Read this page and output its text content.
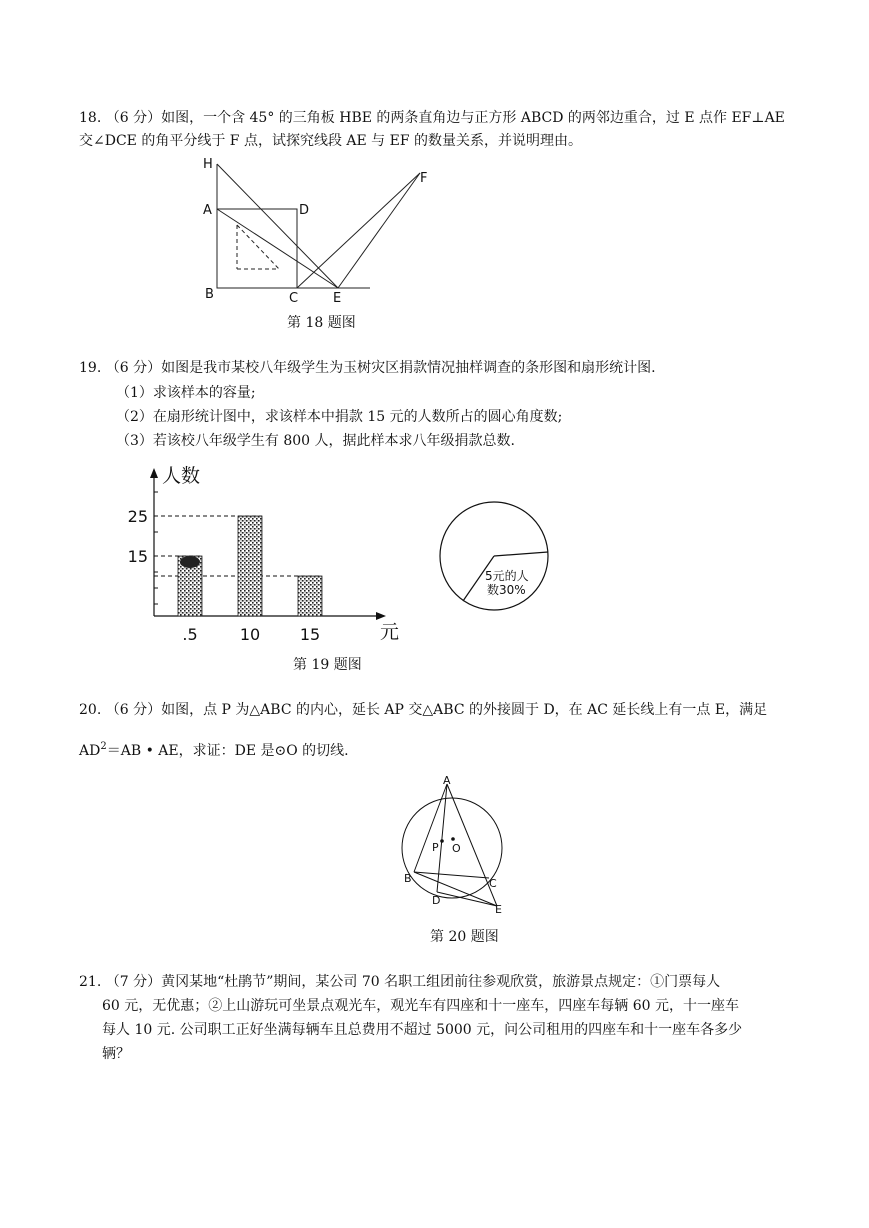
18. （6 分）如图，一个含 45° 的三角板 HBE 的两条直角边与正方形 ABCD 的两邻边重合，过 E 点作 EF⊥AE
交∠DCE 的角平分线于 F 点，试探究线段 AE 与 EF 的数量关系，并说明理由。
H
A	D
B	C	E
F
第 18 题图
19. （6 分）如图是我市某校八年级学生为玉树灾区捐款情况抽样调查的条形图和扇形统计图.
（1）求该样本的容量;
（2）在扇形统计图中，求该样本中捐款 15 元的人数所占的圆心角度数;
（3）若该校八年级学生有 800 人，据此样本求八年级捐款总数.
.5	10 15
15
25
人数
元
5元的人
数30%
第 19 题图
20. （6 分）如图，点 P 为△ABC 的内心，延长 AP 交△ABC 的外接圆于 D，在 AC 延长线上有一点 E，满足
$AD^2=AB$ • AE，求证：DE 是⊙O 的切线.
A
P O
B	C
D
E
第 20 题图
21. （7 分）黄冈某地“杜鹃节”期间，某公司 70 名职工组团前往参观欣赏，旅游景点规定：①门票每人
60 元，无优惠；②上山游玩可坐景点观光车，观光车有四座和十一座车，四座车每辆 60 元，十一座车
每人 10 元. 公司职工正好坐满每辆车且总费用不超过 5000 元，问公司租用的四座车和十一座车各多少
辆？
